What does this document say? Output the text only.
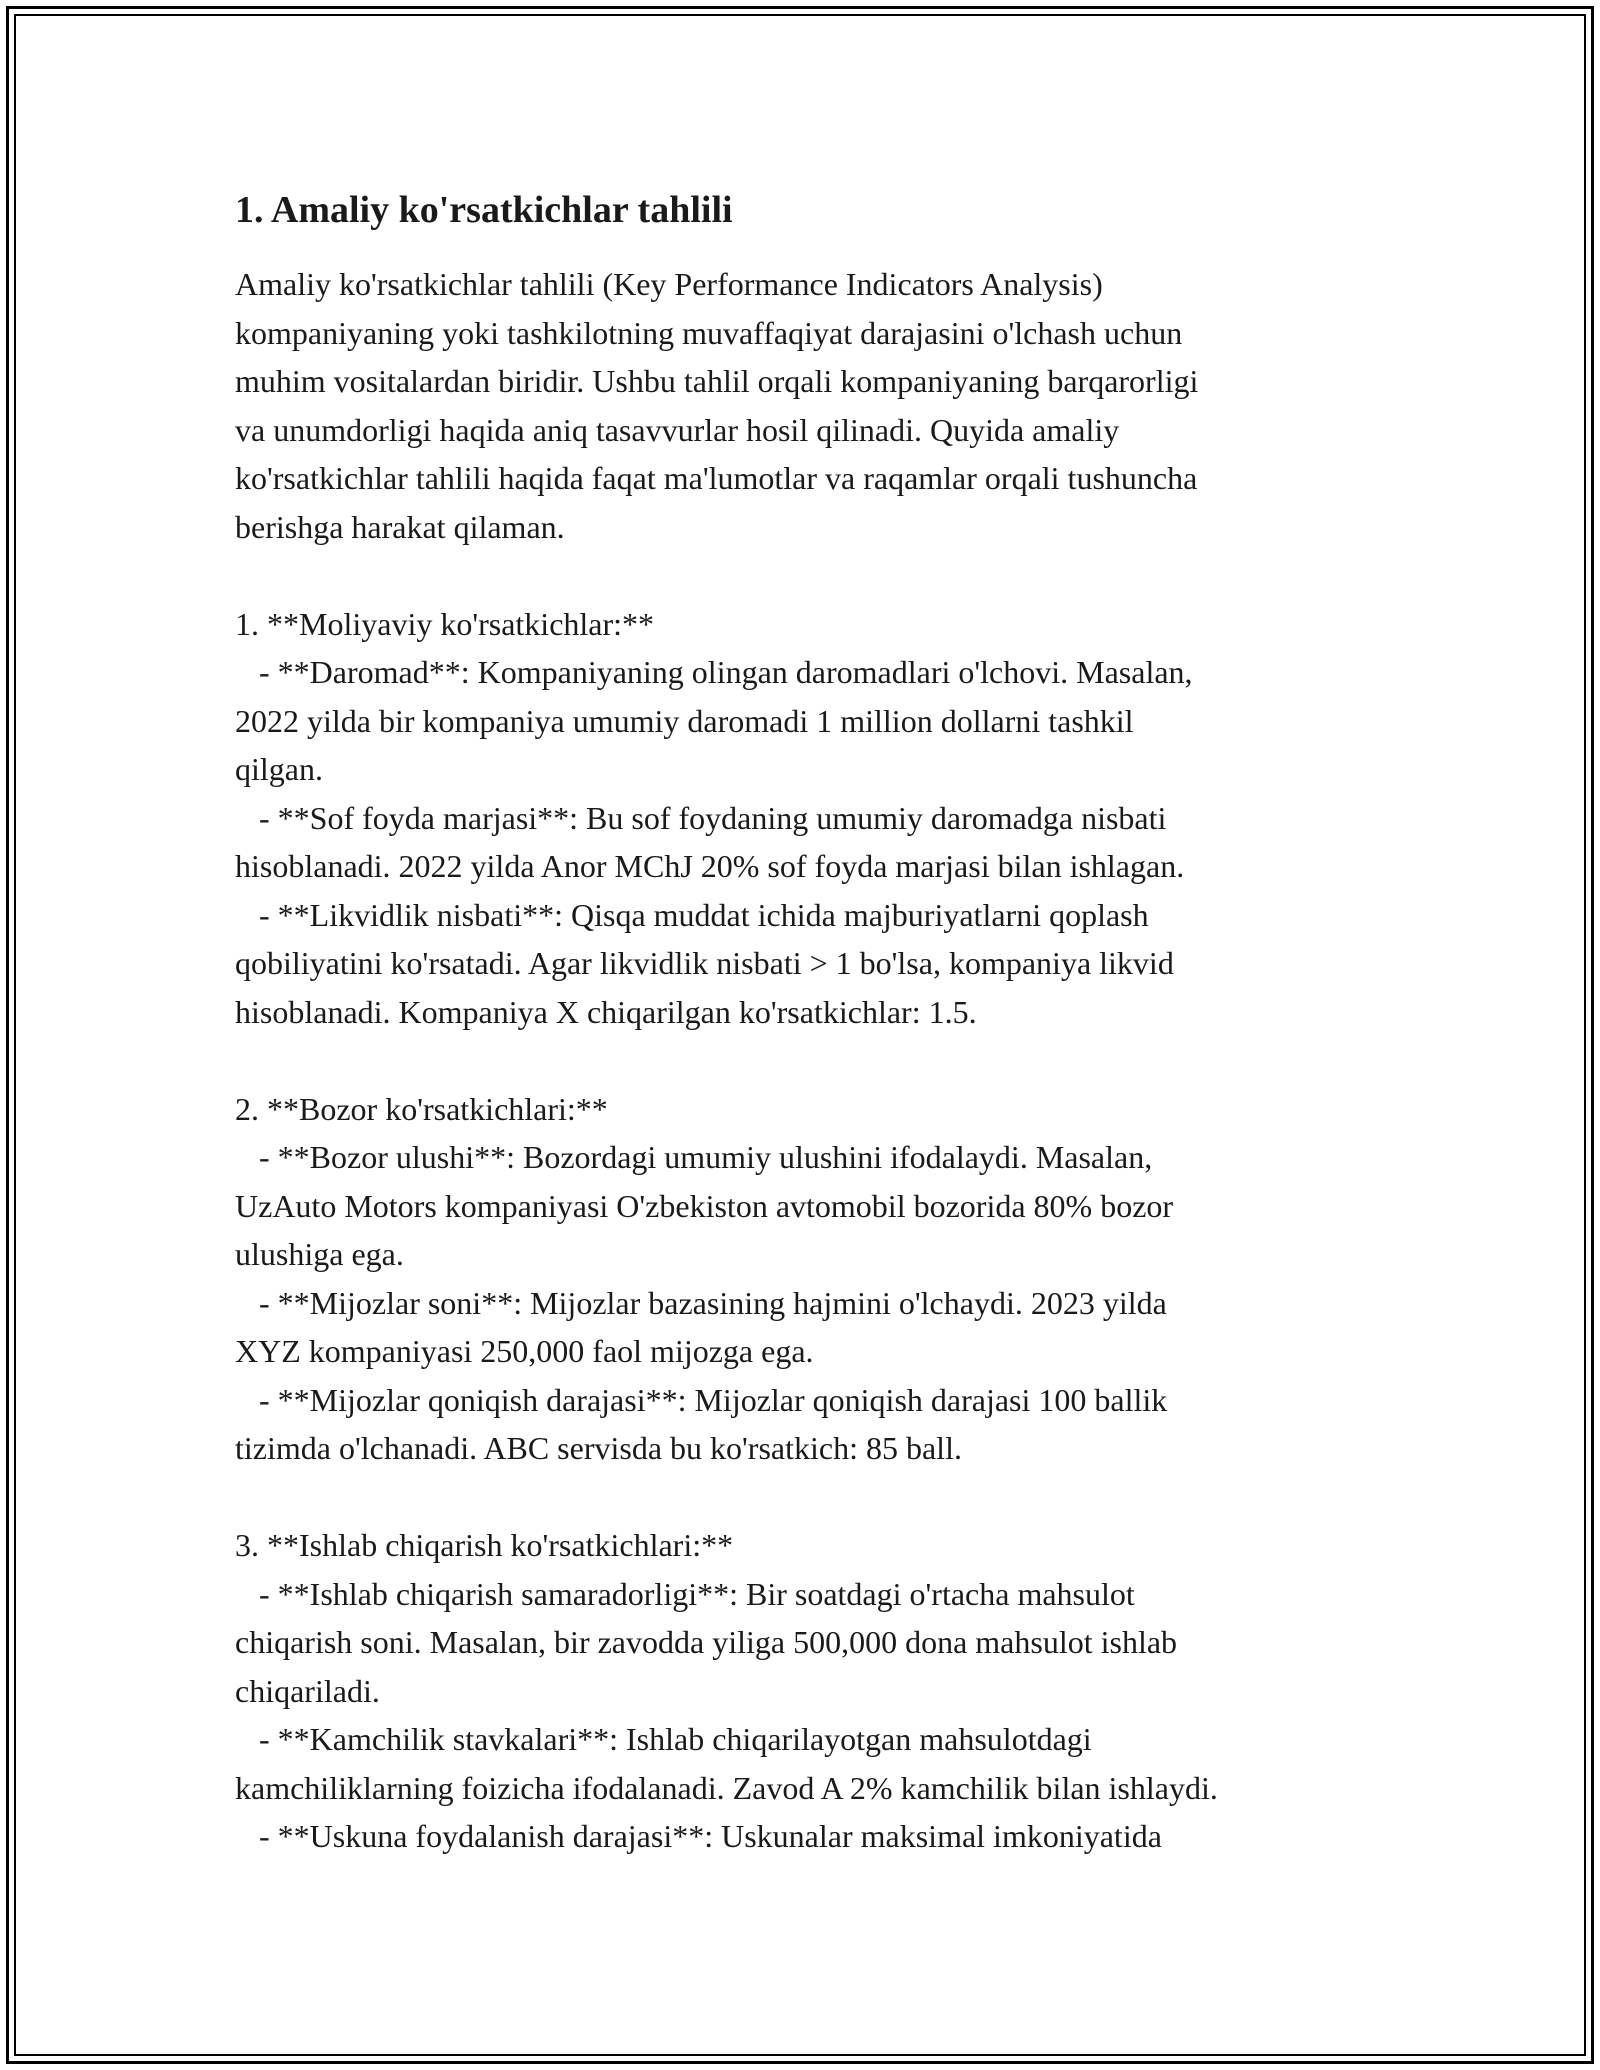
1. Amaliy ko'rsatkichlar tahlili

Amaliy ko'rsatkichlar tahlili (Key Performance Indicators Analysis)
kompaniyaning yoki tashkilotning muvaffaqiyat darajasini o'lchash uchun
muhim vositalardan biridir. Ushbu tahlil orqali kompaniyaning barqarorligi
va unumdorligi haqida aniq tasavvurlar hosil qilinadi. Quyida amaliy
ko'rsatkichlar tahlili haqida faqat ma'lumotlar va raqamlar orqali tushuncha
berishga harakat qilaman.

1. **Moliyaviy ko'rsatkichlar:**

- **Daromad**: Kompaniyaning olingan daromadlari o'lchovi. Masalan,
2022 yilda bir kompaniya umumiy daromadi 1 million dollarni tashkil
qilgan.

- **Sof foyda marjasi**: Bu sof foydaning umumiy daromadga nisbati
hisoblanadi. 2022 yilda Anor MChJ 20% sof foyda marjasi bilan ishlagan.

- **Likvidlik nisbati**: Qisqa muddat ichida majburiyatlarni qoplash
qobiliyatini ko'rsatadi. Agar likvidlik nisbati > 1 bo'lsa, kompaniya likvid
hisoblanadi. Kompaniya X chiqarilgan ko'rsatkichlar: 1.5.

2. **Bozor ko'rsatkichlari:**

- **Bozor ulushi**: Bozordagi umumiy ulushini ifodalaydi. Masalan,
UzAuto Motors kompaniyasi O'zbekiston avtomobil bozorida 80% bozor
ulushiga ega.

- **Mijozlar soni**: Mijozlar bazasining hajmini o'lchaydi. 2023 yilda
XYZ kompaniyasi 250,000 faol mijozga ega.

- **Mijozlar qoniqish darajasi**: Mijozlar qoniqish darajasi 100 ballik
tizimda o'lchanadi. ABC servisda bu ko'rsatkich: 85 ball.

3. **Ishlab chiqarish ko'rsatkichlari:**

- **Ishlab chiqarish samaradorligi**: Bir soatdagi o'rtacha mahsulot
chiqarish soni. Masalan, bir zavodda yiliga 500,000 dona mahsulot ishlab
chiqariladi.

- **Kamchilik stavkalari**: Ishlab chiqarilayotgan mahsulotdagi
kamchiliklarning foizicha ifodalanadi. Zavod A 2% kamchilik bilan ishlaydi.

- **Uskuna foydalanish darajasi**: Uskunalar maksimal imkoniyatida
